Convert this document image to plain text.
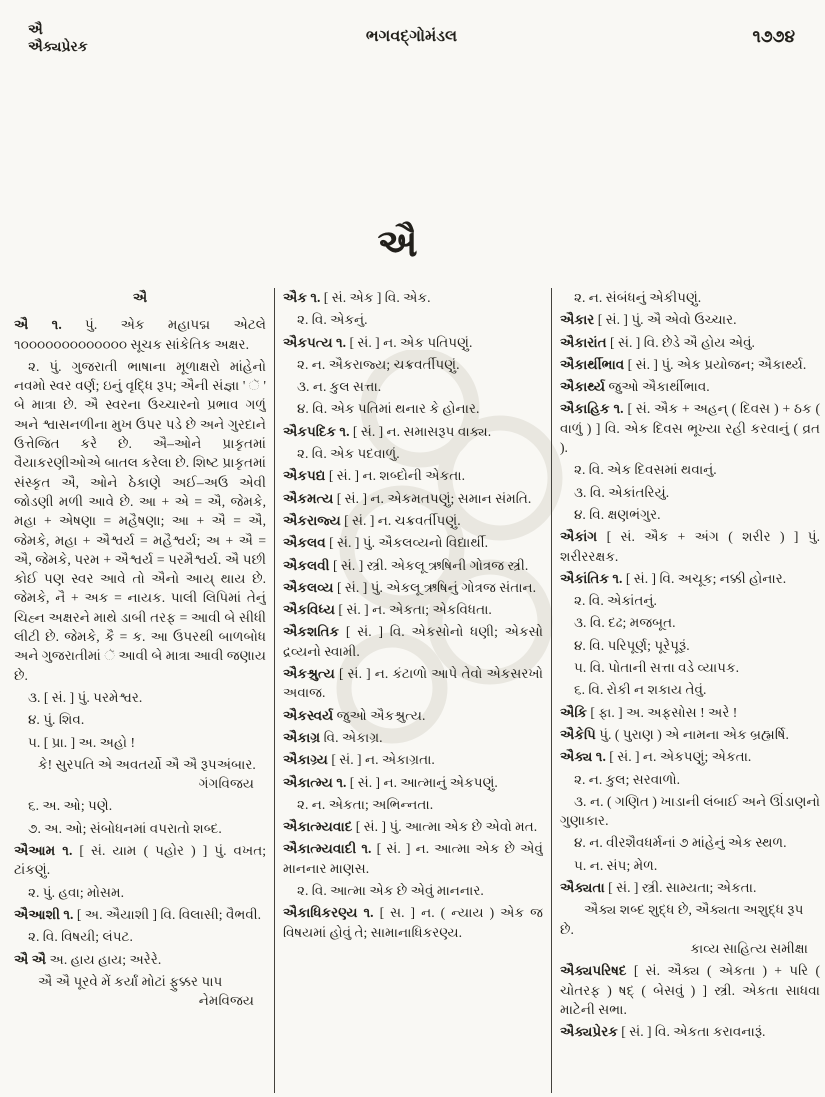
ઐ
ઐક્યપ્રેરક
ભગવદ્ગોમંડલ	૧૭૭૪
ઐ

ઐ

ઐ ૧. પું. એક મહાપદ્મ એટલે ૧૦૦૦૦૦૦૦૦૦૦૦૦૦ સૂચક સાંકેતિક અક્ષર.

૨. પું. ગુજરાતી ભાષાના મૂળાક્ષરો માંહેનો નવમો સ્વર વર્ણ; ઇનું વૃદ્ધિ રૂપ; ઐની સંજ્ઞા ' ૅ ' બે માત્રા છે. ઐ સ્વરના ઉચ્ચારનો પ્રભાવ ગળું અને શ્વાસનળીના મુખ ઉપર પડે છે અને ગુરદાને ઉત્તેજિત કરે છે. ઐ–ઓને પ્રાકૃતમાં વૈયાકરણીઓએ બાતલ કરેલા છે. શિષ્ટ પ્રાકૃતમાં સંસ્કૃત ઐ, ઓને ઠેકાણે અઈ–અઉ એવી જોડણી મળી આવે છે. આ + એ = ઐ, જેમકે, મહા + એષણા = મહૈષણા; આ + ઐ = ઐ, જેમકે, મહા + ઐશ્વર્ય = મહૈશ્વર્ય; અ + ઐ = ઐ, જેમકે, પરમ + ઐશ્વર્ય = પરમૈશ્વર્ય. ઐ પછી કોઈ પણ સ્વર આવે તો ઐનો આય્ થાય છે. જેમકે, નૈ + અક = નાયક. પાલી લિપિમાં તેનું ચિહ્ન અક્ષરને માથે ડાબી તરફ = આવી બે સીધી લીટી છે. જેમકે, કૈ = ક. આ ઉપરથી બાળબોધ અને ગુજરાતીમાં ૅ આવી બે માત્રા આવી જણાય છે.

૩. [ સં. ] પું. પરમેશ્વર.

૪. પું. શિવ.

૫. [ પ્રા. ] અ. અહો !

કે! સુરપતિ એ અવતર્યો ઐ ઐ રૂપઅંબાર.

ગંગવિજય

૬. અ. ઓ; પણે.

૭. અ. ઓ; સંબોધનમાં વપરાતો શબ્દ.

ઐઆમ ૧. [ સં. યામ ( પહોર ) ] પું. વખત; ટાંકણું.

૨. પું. હવા; મોસમ.

ઐઆશી ૧. [ અ. ઐયાશી ] વિ. વિલાસી; વૈભવી.

૨. વિ. વિષયી; લંપટ.

ઐ ઐ અ. હાય હાય; અરેરે.

ઐ ઐ પૂરવે મેં કર્યાં મોટાં ફુક્કર પાપ

નેમવિજય

ઐક ૧. [ સં. એક ] વિ. એક.

૨. વિ. એકનું.

ઐકપત્ય ૧. [ સં. ] ન. એક પતિપણું.

૨. ન. ઐકરાજ્ય; ચક્રવર્તીપણું.

૩. ન. કુલ સત્તા.

૪. વિ. એક પતિમાં થનાર કે હોનાર.

ઐકપદિક ૧. [ સં. ] ન. સમાસરૂપ વાક્ય.

૨. વિ. એક પદવાળું.

ઐકપદ્ય [ સં. ] ન. શબ્દોની એકતા.

ઐકમત્ય [ સં. ] ન. એકમતપણું; સમાન સંમતિ.

ઐકરાજ્ય [ સં. ] ન. ચક્રવર્તીપણું.

ઐકલવ [ સં. ] પું. ઐકલવ્યનો વિદ્યાર્થી.

ઐકલવી [ સં. ] સ્ત્રી. એકલૂ ઋષિની ગોત્રજ સ્ત્રી.

ઐકલવ્ય [ સં. ] પું. એકલૂ ઋષિનું ગોત્રજ સંતાન.

ઐકવિધ્ય [ સં. ] ન. એકતા; એકવિધતા.

ઐકશતિક [ સં. ] વિ. એકસોનો ધણી; એકસો દ્રવ્યનો સ્વામી.

ઐકશ્રુત્ય [ સં. ] ન. કંટાળો આપે તેવો એકસરખો અવાજ.

ઐકસ્વર્ય જુઓ ઐકશ્રુત્ય.

ઐકાગ્ર વિ. એકાગ્ર.

ઐકાગ્ર્ય [ સં. ] ન. એકાગ્રતા.

ઐકાત્મ્ય ૧. [ સં. ] ન. આત્માનું એકપણું.

૨. ન. એકતા; અભિન્નતા.

ઐકાત્મ્યવાદ [ સં. ] પું. આત્મા એક છે એવો મત.

ઐકાત્મ્યવાદી ૧. [ સં. ] ન. આત્મા એક છે એવું માનનાર માણસ.

૨. વિ. આત્મા એક છે એવું માનનાર.

ઐકાધિકરણ્ય ૧. [ સ. ] ન. ( ન્યાય ) એક જ વિષયમાં હોવું તે; સામાનાધિકરણ્ય.

૨. ન. સંબંધનું એકીપણું.

ઐકાર [ સં. ] પું. ઐ એવો ઉચ્ચાર.

ઐકારાંત [ સં. ] વિ. છેડે ઐ હોય એવું.

ઐકાર્થીભાવ [ સં. ] પું. એક પ્રયોજન; ઐકાર્થ્ય.

ઐકાર્થ્ય જુઓ ઐકાર્થીભાવ.

ઐકાહિક ૧. [ સં. ઐક + અહન્ ( દિવસ ) + ઠક ( વાળું ) ] વિ. એક દિવસ ભૂખ્યા રહી કરવાનું ( વ્રત ).

૨. વિ. એક દિવસમાં થવાનું.

૩. વિ. એકાંતરિયું.

૪. વિ. ક્ષણભંગુર.

ઐકાંગ [ સં. ઐક + અંગ ( શરીર ) ] પું. શરીરરક્ષક.

ઐકાંતિક ૧. [ સં. ] વિ. અચૂક; નક્કી હોનાર.

૨. વિ. એકાંતનું.

૩. વિ. દઢ; મજબૂત.

૪. વિ. પરિપૂર્ણ; પૂરેપૂરૂં.

૫. વિ. પોતાની સત્તા વડે વ્યાપક.

૬. વિ. રોકી ન શકાય તેવું.

ઐકિ [ ફા. ] અ. અફસોસ ! અરે !

ઐકેપિ પું. ( પુરાણ ) એ નામના એક બ્રહ્મર્ષિ.

ઐક્ય ૧. [ સં. ] ન. એકપણું; એકતા.

૨. ન. કુલ; સરવાળો.

૩. ન. ( ગણિત ) ખાડાની લંબાઈ અને ઊંડાણનો ગુણાકાર.

૪. ન. વીરશૈવધર્મનાં ૭ માંહેનું એક સ્થળ.

૫. ન. સંપ; મેળ.

ઐક્યતા [ સં. ] સ્ત્રી. સામ્યતા; એકતા.

ઐક્ય શબ્દ શુદ્ધ છે, ઐક્યતા અશુદ્ધ રૂપ છે.

કાવ્ય સાહિત્ય સમીક્ષા

ઐક્યપરિષદ [ સં. ઐક્ય ( એકતા ) + પરિ ( ચોતરફ ) ષદ્ ( બેસવું ) ] સ્ત્રી. એકતા સાધવા માટેની સભા.

ઐક્યપ્રેરક [ સં. ] વિ. એકતા કરાવનારૂં.
